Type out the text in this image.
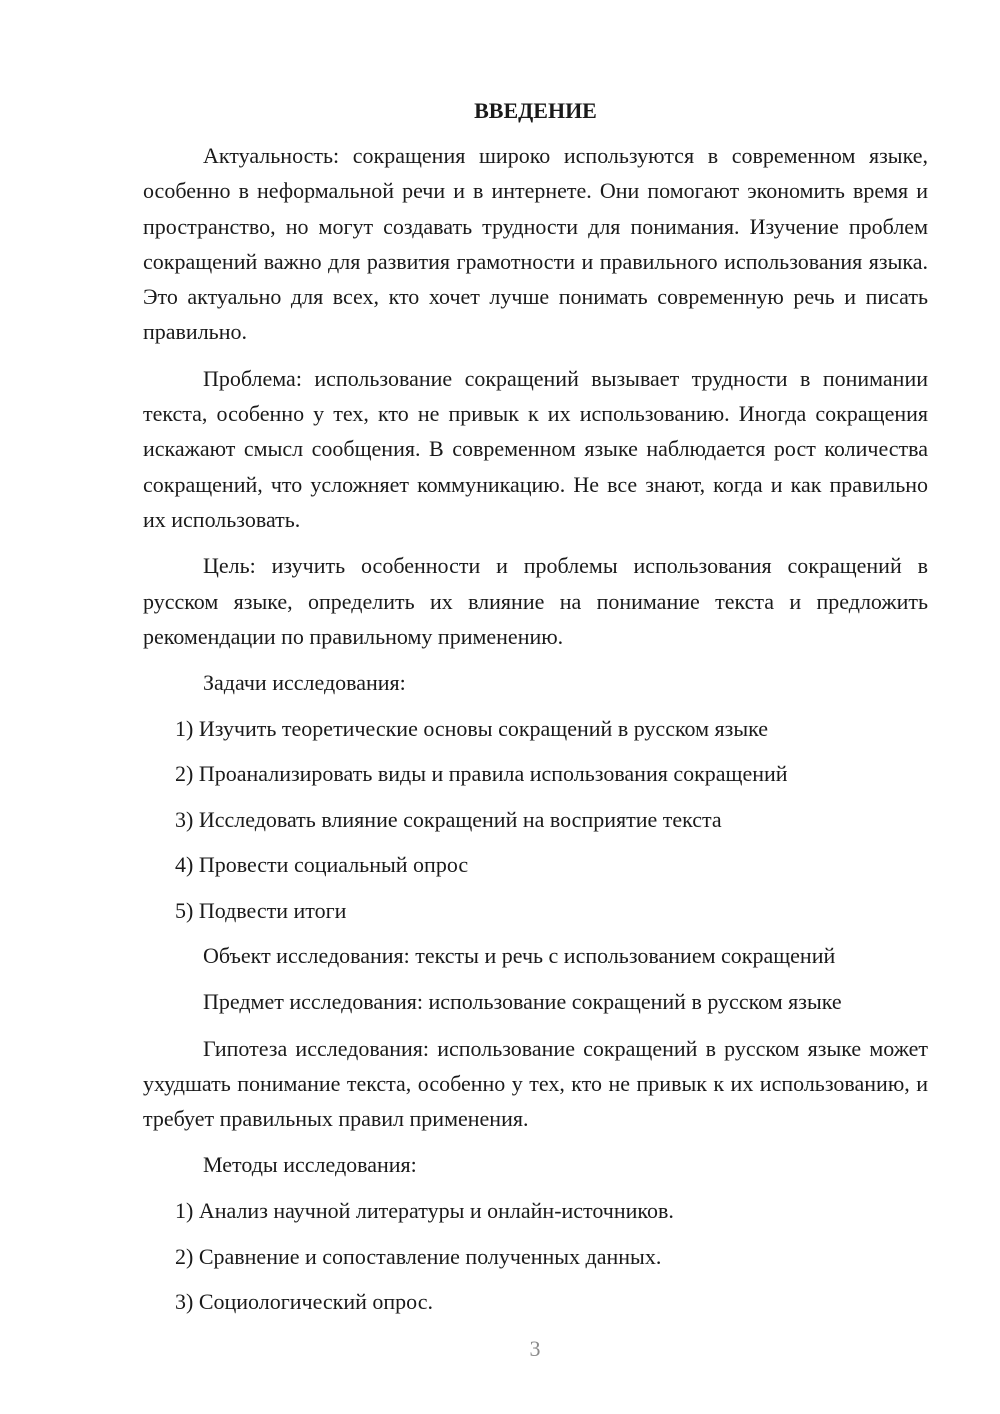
ВВЕДЕНИЕ

Актуальность: сокращения широко используются в современном языке, особенно в неформальной речи и в интернете. Они помогают экономить время и пространство, но могут создавать трудности для понимания. Изучение проблем сокращений важно для развития грамотности и правильного использования языка. Это актуально для всех, кто хочет лучше понимать современную речь и писать правильно.

Проблема: использование сокращений вызывает трудности в понимании текста, особенно у тех, кто не привык к их использованию. Иногда сокращения искажают смысл сообщения. В современном языке наблюдается рост количества сокращений, что усложняет коммуникацию. Не все знают, когда и как правильно их использовать.

Цель: изучить особенности и проблемы использования сокращений в русском языке, определить их влияние на понимание текста и предложить рекомендации по правильному применению.

Задачи исследования:

1) Изучить теоретические основы сокращений в русском языке

2) Проанализировать виды и правила использования сокращений

3) Исследовать влияние сокращений на восприятие текста

4) Провести социальный опрос

5) Подвести итоги

Объект исследования: тексты и речь с использованием сокращений

Предмет исследования: использование сокращений в русском языке

Гипотеза исследования: использование сокращений в русском языке может ухудшать понимание текста, особенно у тех, кто не привык к их использованию, и требует правильных правил применения.

Методы исследования:

1) Анализ научной литературы и онлайн-источников.

2) Сравнение и сопоставление полученных данных.

3) Социологический опрос.

3
